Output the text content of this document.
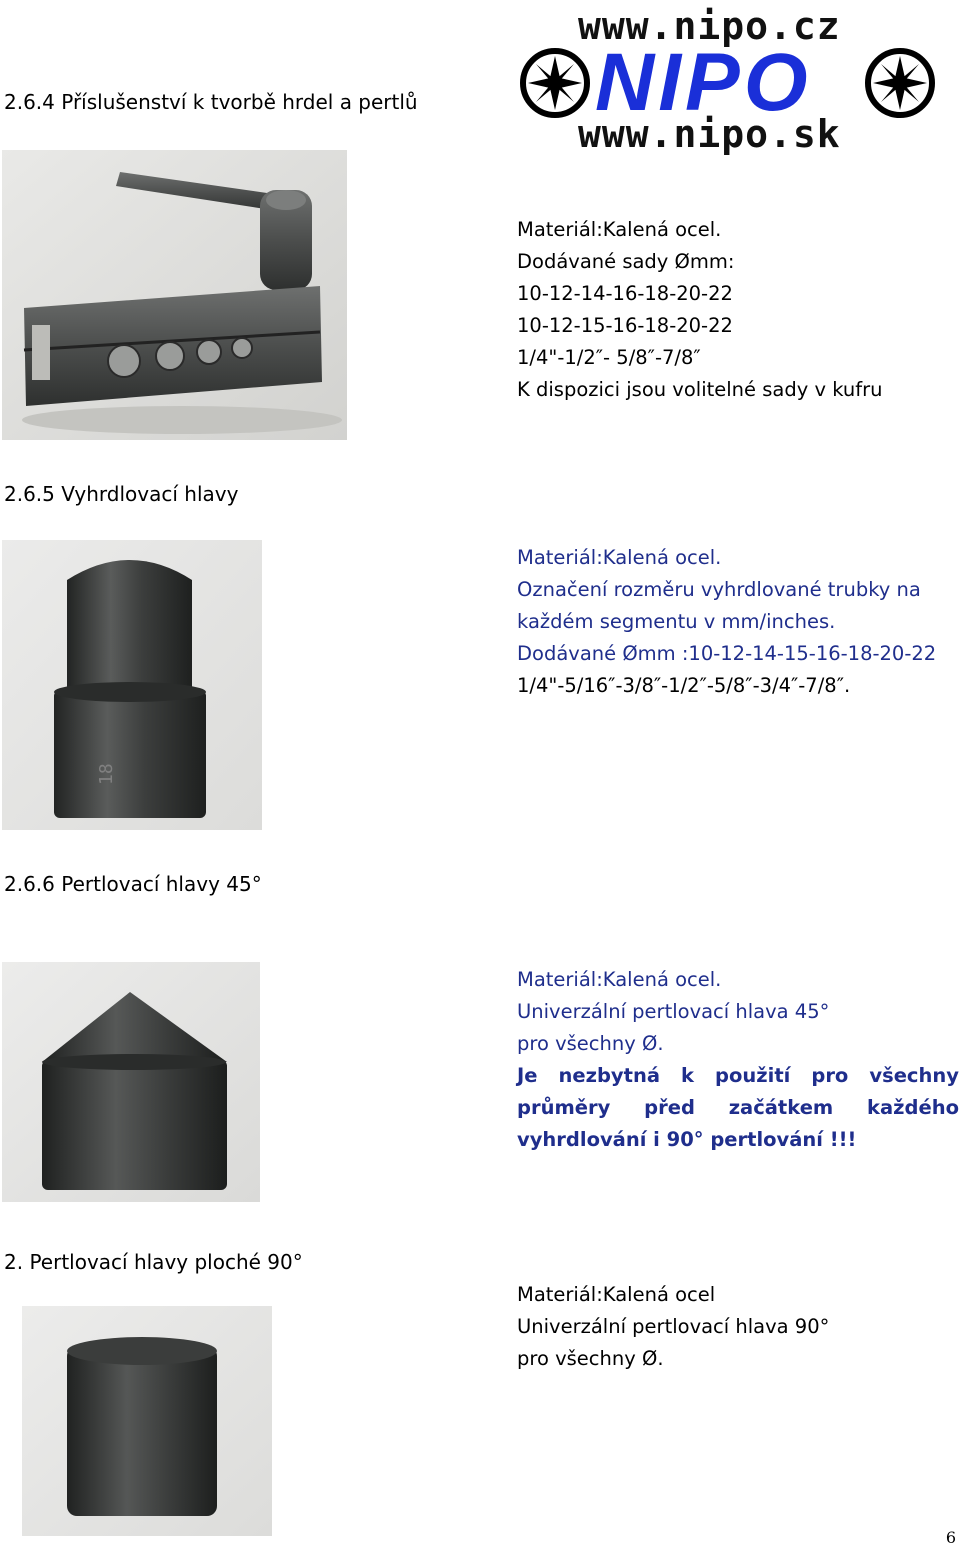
www.nipo.cz
NIPO
www.nipo.sk
2.6.4 Příslušenství k tvorbě hrdel a pertlů
Materiál:Kalená ocel.
Dodávané sady Ømm:
10-12-14-16-18-20-22
10-12-15-16-18-20-22
1/4"-1/2″- 5/8″-7/8″
K dispozici jsou volitelné sady v kufru
2.6.5 Vyhrdlovací hlavy
18
Materiál:Kalená ocel.
Označení rozměru vyhrdlované trubky na
každém segmentu v mm/inches.
Dodávané Ømm :10-12-14-15-16-18-20-22
1/4"-5/16″-3/8″-1/2″-5/8″-3/4″-7/8″.
2.6.6 Pertlovací hlavy 45°
Materiál:Kalená ocel.
Univerzální pertlovací hlava 45°
pro všechny Ø.
Je nezbytná k použití pro všechny
průměry před začátkem každého
vyhrdlování i 90° pertlování !!!
2. Pertlovací hlavy ploché 90°
Materiál:Kalená ocel
Univerzální pertlovací hlava 90°
pro všechny Ø.
6
